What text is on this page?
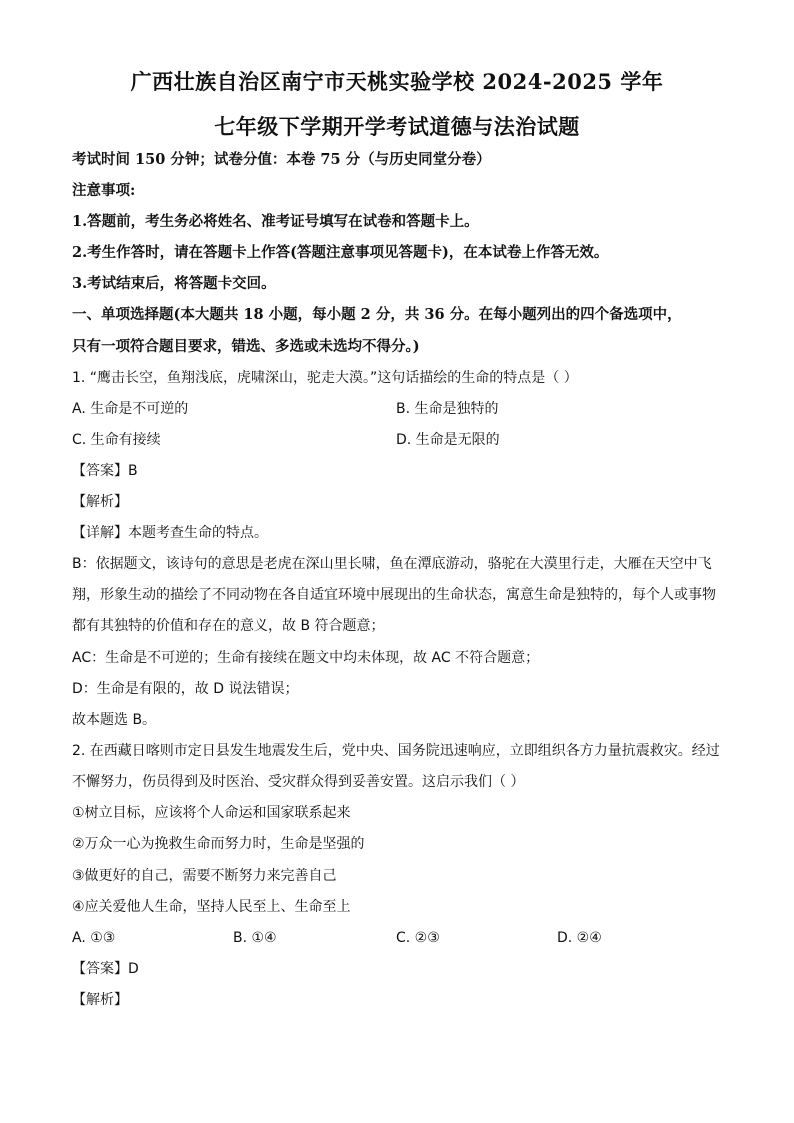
广西壮族自治区南宁市天桃实验学校 2024-2025 学年
七年级下学期开学考试道德与法治试题
考试时间 150 分钟；试卷分值：本卷 75 分（与历史同堂分卷）
注意事项:
1.答题前，考生务必将姓名、准考证号填写在试卷和答题卡上。
2.考生作答时，请在答题卡上作答(答题注意事项见答题卡)，在本试卷上作答无效。
3.考试结束后，将答题卡交回。
一、单项选择题(本大题共 18 小题，每小题 2 分，共 36 分。在每小题列出的四个备选项中，
只有一项符合题目要求，错选、多选或未选均不得分。)
1. “鹰击长空，鱼翔浅底，虎啸深山，驼走大漠。”这句话描绘的生命的特点是（ ）
A. 生命是不可逆的	B. 生命是独特的
C. 生命有接续	D. 生命是无限的
【答案】B
【解析】
【详解】本题考查生命的特点。
B：依据题文，该诗句的意思是老虎在深山里长啸，鱼在潭底游动，骆驼在大漠里行走，大雁在天空中飞
翔，形象生动的描绘了不同动物在各自适宜环境中展现出的生命状态，寓意生命是独特的，每个人或事物
都有其独特的价值和存在的意义，故 B 符合题意；
AC：生命是不可逆的；生命有接续在题文中均未体现，故 AC 不符合题意；
D：生命是有限的，故 D 说法错误；
故本题选 B。
2. 在西藏日喀则市定日县发生地震发生后，党中央、国务院迅速响应，立即组织各方力量抗震救灾。经过
不懈努力，伤员得到及时医治、受灾群众得到妥善安置。这启示我们（ ）
①树立目标，应该将个人命运和国家联系起来
②万众一心为挽救生命而努力时，生命是坚强的
③做更好的自己，需要不断努力来完善自己
④应关爱他人生命，坚持人民至上、生命至上
A. ①③	B. ①④	C. ②③	D. ②④
【答案】D
【解析】
